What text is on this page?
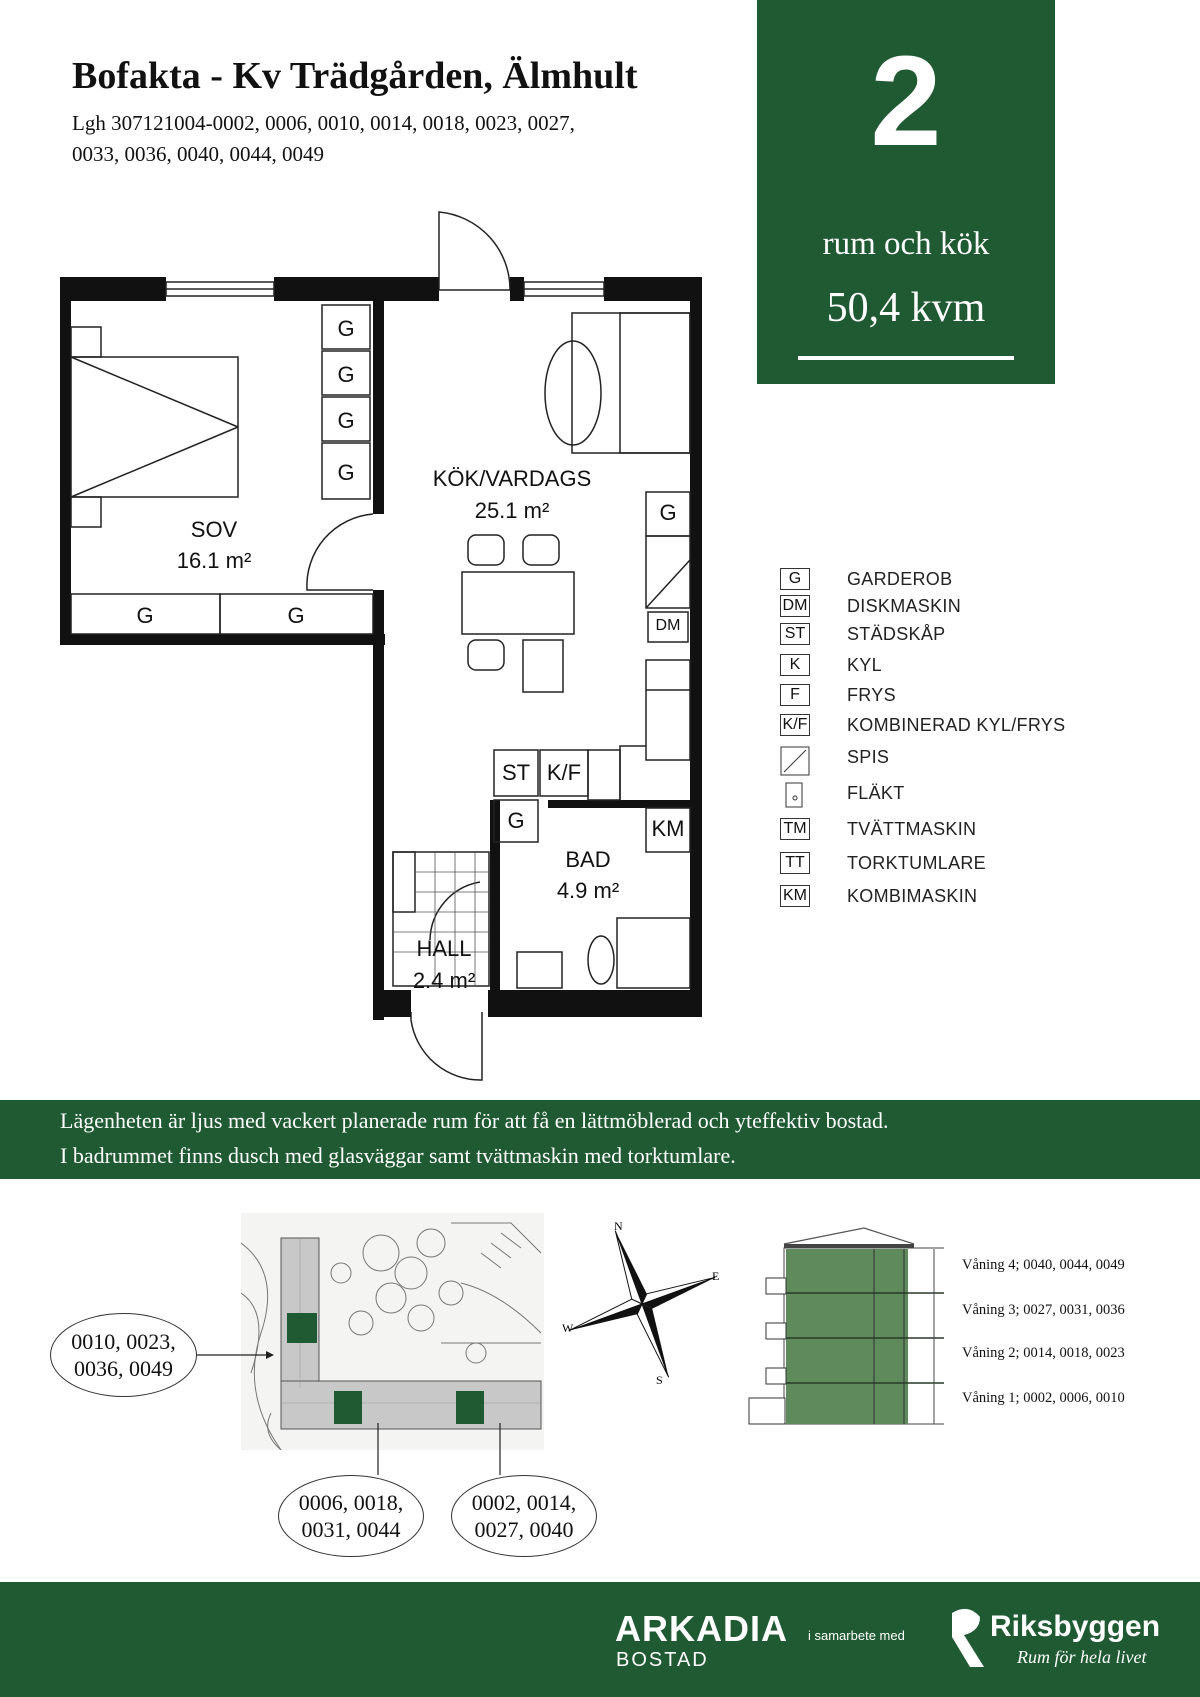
Bofakta - Kv Trädgården, Älmhult
Lgh 307121004-0002, 0006, 0010, 0014, 0018, 0023, 0027,
0033, 0036, 0040, 0044, 0049	2
rum och kök
50,4 kvm
SOV
16.1 m²
KÖK/VARDAGS
25.1 m²
BAD
4.9 m²
HALL
2.4 m²
G
G
G
G
G	G
G
G
ST K/F
DM
KM
G	GARDEROB
DM DISKMASKIN
ST STÄDSKÅP
K	KYL
F	FRYS
K/F KOMBINERAD KYL/FRYS
SPIS
FLÄKT
TM TVÄTTMASKIN
TT TORKTUMLARE
KM KOMBIMASKIN
Lägenheten är ljus med vackert planerade rum för att få en lättmöblerad och yteffektiv bostad.
I badrummet finns dusch med glasväggar samt tvättmaskin med torktumlare.
0010, 0023,
0036, 0049
0006, 0018,
0031, 0044
0002, 0014,
0027, 0040
N
E
S
W
Våning 4; 0040, 0044, 0049
Våning 3; 0027, 0031, 0036
Våning 2; 0014, 0018, 0023
Våning 1; 0002, 0006, 0010
ARKADIA
BOSTAD
i samarbete med	Riksbyggen
Rum för hela livet
